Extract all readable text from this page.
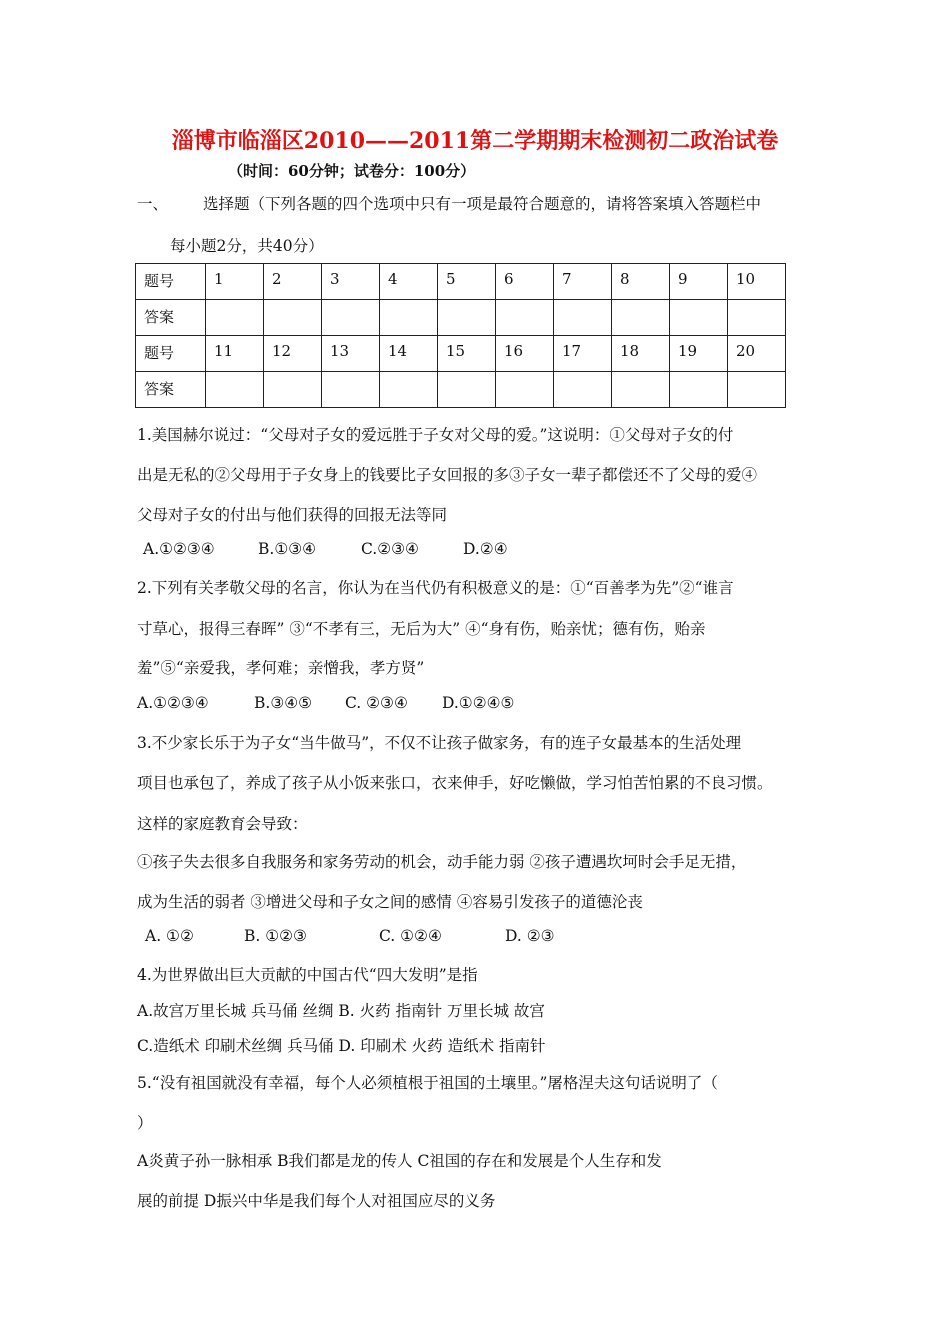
淄博市临淄区2010——2011第二学期期末检测初二政治试卷
（时间：60分钟；试卷分：100分）
一、 选择题（下列各题的四个选项中只有一项是最符合题意的，请将答案填入答题栏中
每小题2分，共40分）
题号	1	2	3	4	5	6	7	8	9	10
答案										
题号	11	12	13	14	15	16	17	18	19	20
答案										
1.美国赫尔说过：“父母对子女的爱远胜于子女对父母的爱。”这说明：①父母对子女的付
出是无私的②父母用于子女身上的钱要比子女回报的多③子女一辈子都偿还不了父母的爱④
父母对子女的付出与他们获得的回报无法等同
A.①②③④	B.①③④	C.②③④	D.②④
2.下列有关孝敬父母的名言，你认为在当代仍有积极意义的是：①“百善孝为先”②“谁言
寸草心，报得三春晖” ③“不孝有三，无后为大” ④“身有伤，贻亲忧；德有伤，贻亲
羞”⑤“亲爱我，孝何难；亲憎我，孝方贤”
A.①②③④	B.③④⑤ C. ②③④ D.①②④⑤
3.不少家长乐于为子女“当牛做马”，不仅不让孩子做家务，有的连子女最基本的生活处理
项目也承包了，养成了孩子从小饭来张口，衣来伸手，好吃懒做，学习怕苦怕累的不良习惯。
这样的家庭教育会导致：
①孩子失去很多自我服务和家务劳动的机会，动手能力弱 ②孩子遭遇坎坷时会手足无措，
成为生活的弱者 ③增进父母和子女之间的感情 ④容易引发孩子的道德沦丧
A. ①②	B. ①②③	C. ①②④	D. ②③
4.为世界做出巨大贡献的中国古代“四大发明”是指
A.故宫万里长城 兵马俑 丝绸 B. 火药 指南针 万里长城 故宫
C.造纸术 印刷术丝绸 兵马俑 D. 印刷术 火药 造纸术 指南针
5.“没有祖国就没有幸福，每个人必须植根于祖国的土壤里。”屠格涅夫这句话说明了（
）
A炎黄子孙一脉相承 B我们都是龙的传人 C祖国的存在和发展是个人生存和发
展的前提 D振兴中华是我们每个人对祖国应尽的义务
